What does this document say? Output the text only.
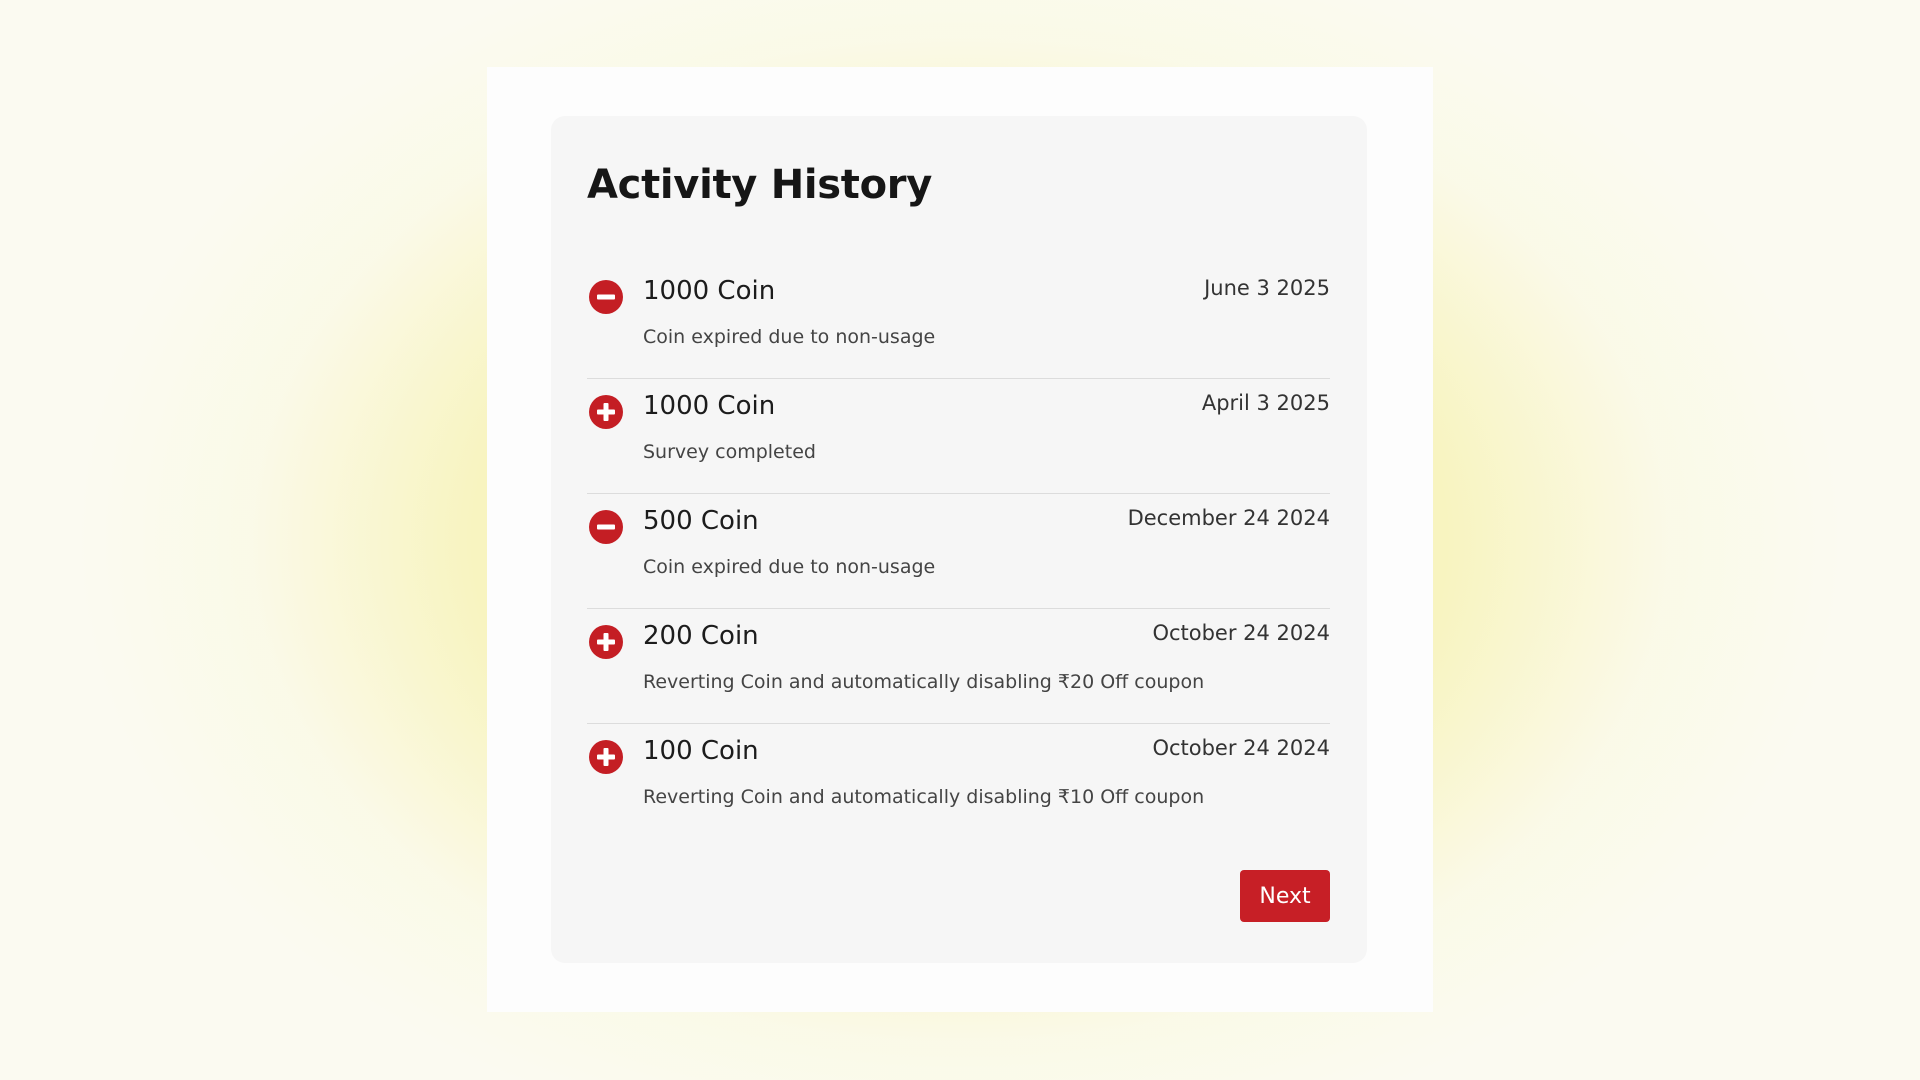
Activity History
1000 Coin	June 3 2025
Coin expired due to non-usage
1000 Coin	April 3 2025
Survey completed
500 Coin	December 24 2024
Coin expired due to non-usage
200 Coin	October 24 2024
Reverting Coin and automatically disabling ₹20 Off coupon
100 Coin	October 24 2024
Reverting Coin and automatically disabling ₹10 Off coupon
Next
